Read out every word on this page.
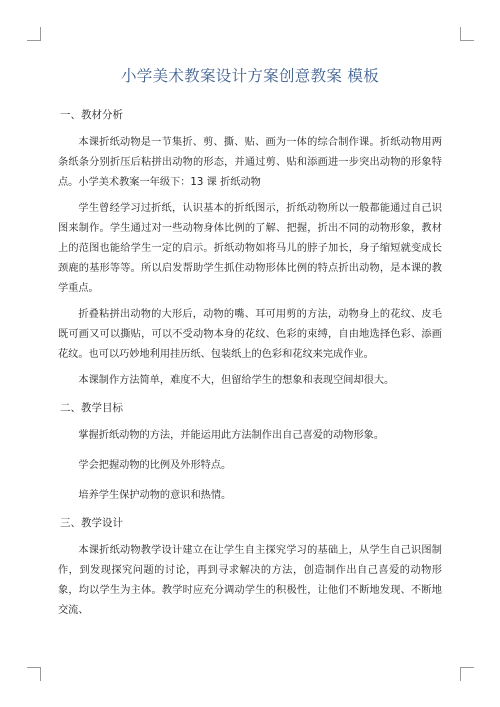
小学美术教案设计方案创意教案 模板
一、教材分析
本课折纸动物是一节集折、剪、撕、贴、画为一体的综合制作课。折纸动物用两条纸条分别折压后粘拼出动物的形态，并通过剪、贴和添画进一步突出动物的形象特点。小学美术教案一年级下：13 课 折纸动物
学生曾经学习过折纸，认识基本的折纸图示，折纸动物所以一般都能通过自己识图来制作。学生通过对一些动物身体比例的了解、把握，折出不同的动物形象，教材上的范图也能给学生一定的启示。折纸动物如将马儿的脖子加长，身子缩短就变成长颈鹿的基形等等。所以启发帮助学生抓住动物形体比例的特点折出动物，是本课的教学重点。
折叠粘拼出动物的大形后，动物的嘴、耳可用剪的方法，动物身上的花纹、皮毛既可画又可以撕贴，可以不受动物本身的花纹、色彩的束缚，自由地选择色彩、添画花纹。也可以巧妙地利用挂历纸、包装纸上的色彩和花纹来完成作业。
本课制作方法简单，难度不大，但留给学生的想象和表现空间却很大。
二、教学目标
掌握折纸动物的方法，并能运用此方法制作出自己喜爱的动物形象。
学会把握动物的比例及外形特点。
培养学生保护动物的意识和热情。
三、教学设计
本课折纸动物教学设计建立在让学生自主探究学习的基础上，从学生自己识图制作，到发现探究问题的讨论，再到寻求解决的方法，创造制作出自己喜爱的动物形象，均以学生为主体。教学时应充分调动学生的积极性，让他们不断地发现、不断地交流、
